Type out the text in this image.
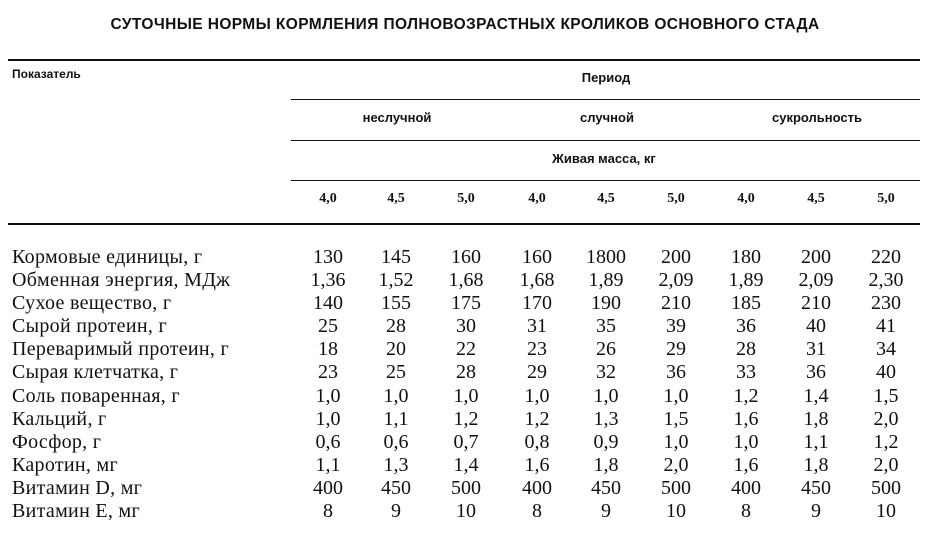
СУТОЧНЫЕ НОРМЫ КОРМЛЕНИЯ ПОЛНОВОЗРАСТНЫХ КРОЛИКОВ ОСНОВНОГО СТАДА
Показатель	Период
неслучной	случной	сукрольность
Живая масса, кг
4,0	4,5	5,0	4,0	4,5	5,0	4,0	4,5	5,0
Кормовые единицы, г	130 145 160 160 1800 200 180 200 220
Обменная энергия, МДж	1,36 1,52 1,68 1,68 1,89 2,09 1,89 2,09 2,30
Сухое вещество, г	140 155 175 170 190 210 185 210 230
Сырой протеин, г	25 28	30	31 35	39	36	40	41
Переваримый протеин, г	18 20	22	23 26	29	28	31	34
Сырая клетчатка, г	23 25	28	29 32	36	33	36	40
Соль поваренная, г	1,0 1,0 1,0 1,0 1,0 1,0 1,2 1,4 1,5
Кальций, г	1,0 1,1 1,2 1,2 1,3 1,5 1,6 1,8 2,0
Фосфор, г	0,6 0,6 0,7 0,8 0,9 1,0 1,0 1,1 1,2
Каротин, мг	1,1 1,3 1,4 1,6 1,8 2,0 1,6 1,8 2,0
Витамин D, мг	400 450 500 400 450 500 400 450 500
Витамин Е, мг	8	9	10	8	9	10	8	9	10
